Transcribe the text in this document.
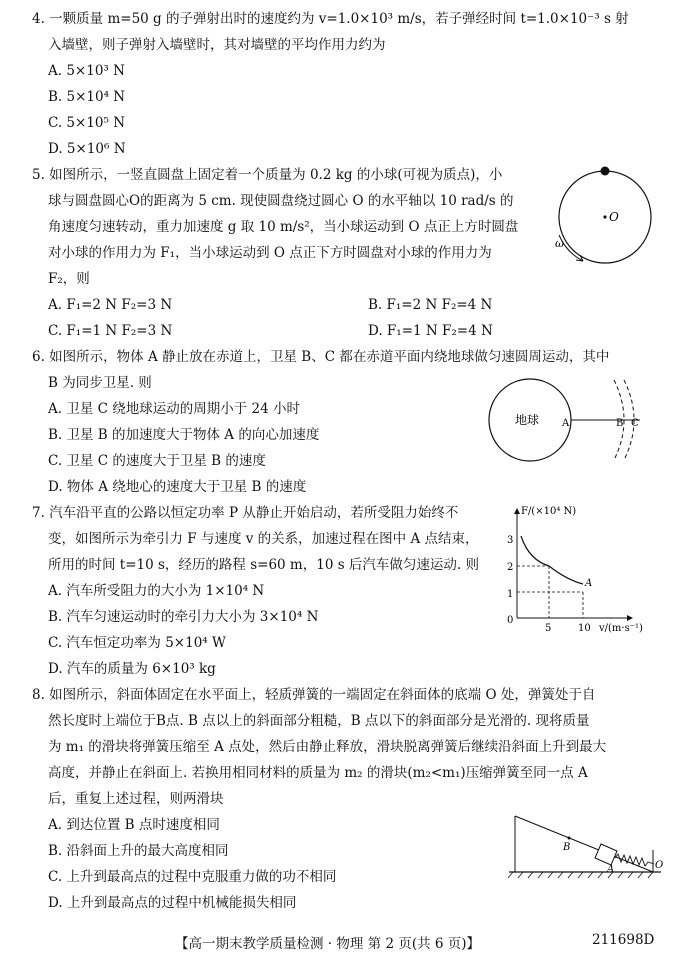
4. 一颗质量 m=50 g 的子弹射出时的速度约为 v=1.0×10³ m/s，若子弹经时间 t=1.0×10⁻³ s 射
入墙壁，则子弹射入墙壁时，其对墙壁的平均作用力约为
A. 5×10³ N
B. 5×10⁴ N
C. 5×10⁵ N
D. 5×10⁶ N
5. 如图所示，一竖直圆盘上固定着一个质量为 0.2 kg 的小球(可视为质点)，小
球与圆盘圆心O的距离为 5 cm. 现使圆盘绕过圆心 O 的水平轴以 10 rad/s 的
角速度匀速转动，重力加速度 g 取 10 m/s²，当小球运动到 O 点正上方时圆盘
对小球的作用力为 F₁，当小球运动到 O 点正下方时圆盘对小球的作用力为
F₂，则
A. F₁=2 N F₂=3 N	B. F₁=2 N F₂=4 N
C. F₁=1 N F₂=3 N	D. F₁=1 N F₂=4 N
O
ω
6. 如图所示，物体 A 静止放在赤道上，卫星 B、C 都在赤道平面内绕地球做匀速圆周运动，其中
B 为同步卫星. 则
A. 卫星 C 绕地球运动的周期小于 24 小时
B. 卫星 B 的加速度大于物体 A 的向心加速度
C. 卫星 C 的速度大于卫星 B 的速度
D. 物体 A 绕地心的速度大于卫星 B 的速度
地球 A	B C
7. 汽车沿平直的公路以恒定功率 P 从静止开始启动，若所受阻力始终不
变，如图所示为牵引力 F 与速度 v 的关系，加速过程在图中 A 点结束，
所用的时间 t=10 s，经历的路程 s=60 m，10 s 后汽车做匀速运动. 则
A. 汽车所受阻力的大小为 1×10⁴ N
B. 汽车匀速运动时的牵引力大小为 3×10⁴ N
C. 汽车恒定功率为 5×10⁴ W
D. 汽车的质量为 6×10³ kg
F/(×10⁴ N)
v/(m·s⁻¹)
0
1
2
3
5	10
A
8. 如图所示，斜面体固定在水平面上，轻质弹簧的一端固定在斜面体的底端 O 处，弹簧处于自
然长度时上端位于B点. B 点以上的斜面部分粗糙，B 点以下的斜面部分是光滑的. 现将质量
为 m₁ 的滑块将弹簧压缩至 A 点处，然后由静止释放，滑块脱离弹簧后继续沿斜面上升到最大
高度，并静止在斜面上. 若换用相同材料的质量为 m₂ 的滑块(m₂<m₁)压缩弹簧至同一点 A
后，重复上述过程，则两滑块
A. 到达位置 B 点时速度相同
B. 沿斜面上升的最大高度相同
C. 上升到最高点的过程中克服重力做的功不相同
D. 上升到最高点的过程中机械能损失相同
B
A	O
【高一期末教学质量检测 · 物理 第 2 页(共 6 页)】	211698D
